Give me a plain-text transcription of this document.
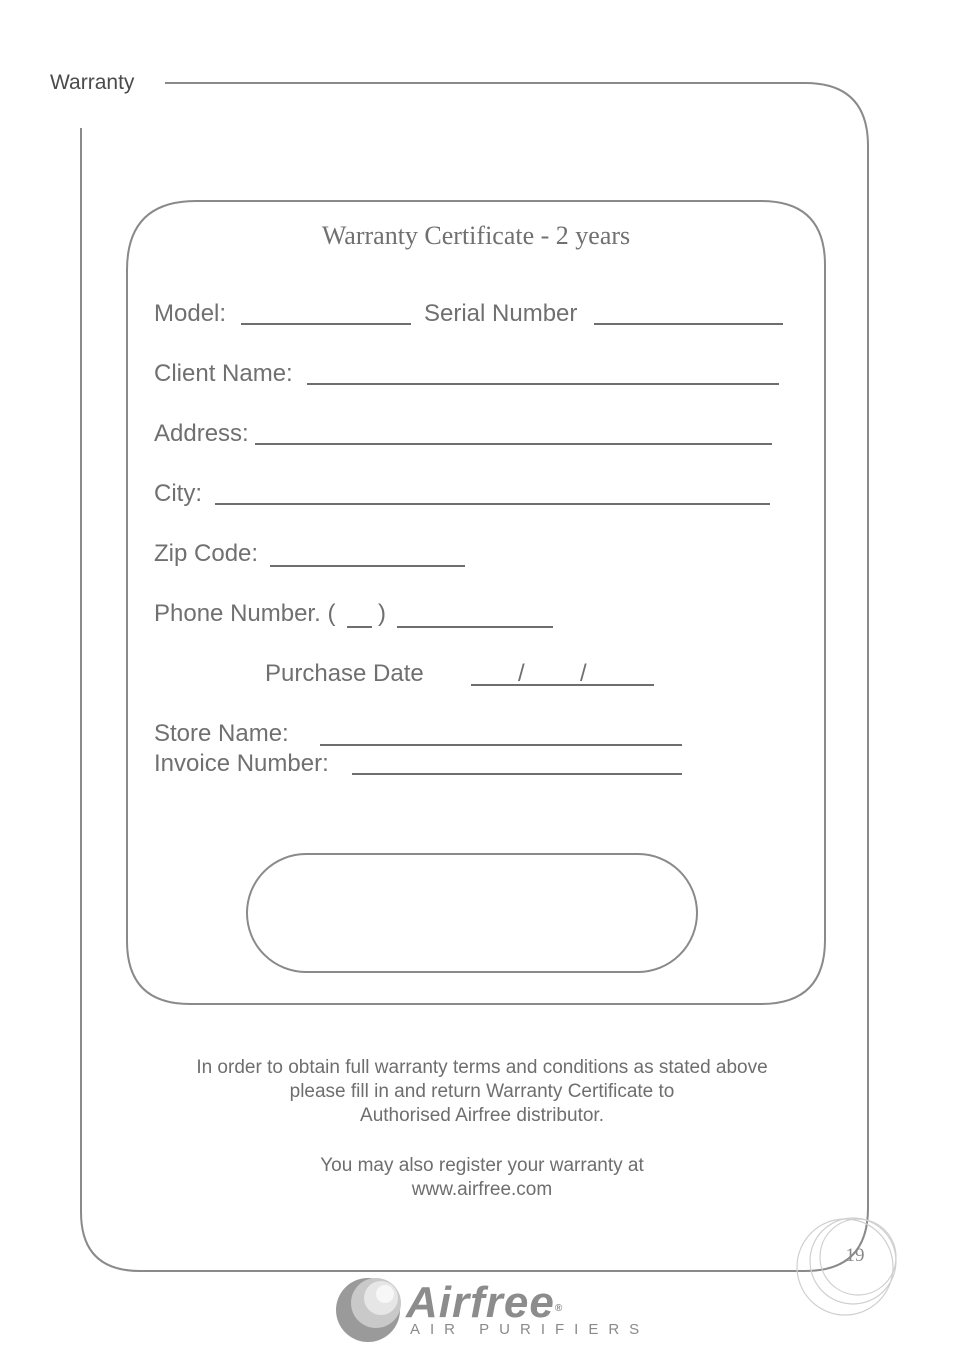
Warranty
Warranty Certificate - 2 years
Model:	Serial Number
Client Name:
Address:
City:
Zip Code:
Phone Number. ( )
Purchase Date	/ /
Store Name:
Invoice Number:
In order to obtain full warranty terms and conditions as stated above
please fill in and return Warranty Certificate to
Authorised Airfree distributor.
You may also register your warranty at
www.airfree.com
19
Airfree®
AIR PURIFIERS
